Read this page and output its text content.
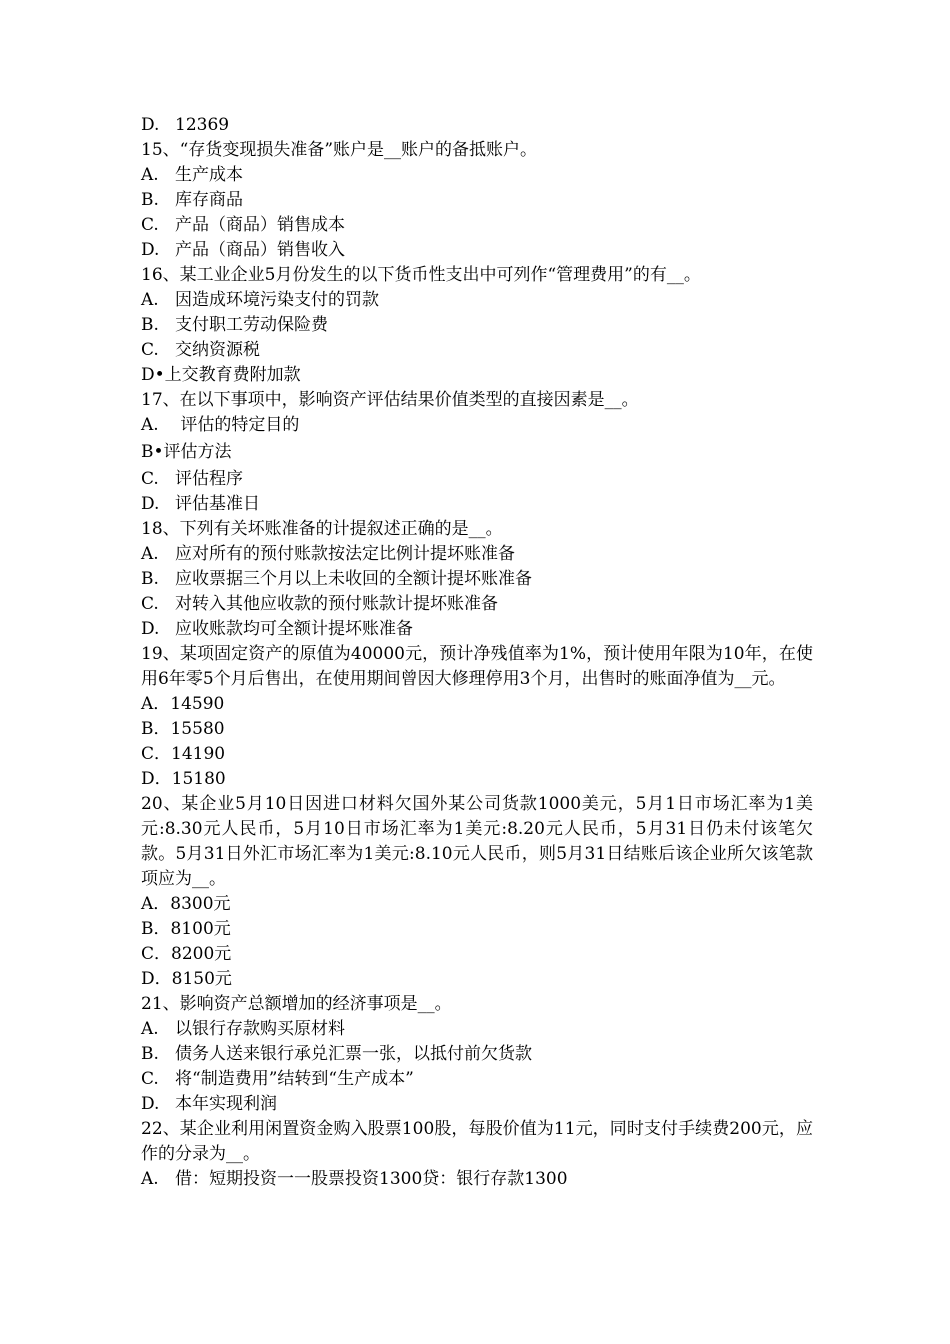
D. 12369
15、“存货变现损失准备”账户是__账户的备抵账户。
A. 生产成本
B. 库存商品
C. 产品（商品）销售成本
D. 产品（商品）销售收入
16、某工业企业5月份发生的以下货币性支出中可列作“管理费用”的有__。
A. 因造成环境污染支付的罚款
B. 支付职工劳动保险费
C. 交纳资源税
D•上交教育费附加款
17、在以下事项中，影响资产评估结果价值类型的直接因素是__。
A. 评估的特定目的
B•评估方法
C. 评估程序
D. 评估基准日
18、下列有关坏账准备的计提叙述正确的是__。
A. 应对所有的预付账款按法定比例计提坏账准备
B. 应收票据三个月以上未收回的全额计提坏账准备
C. 对转入其他应收款的预付账款计提坏账准备
D. 应收账款均可全额计提坏账准备
19、某项固定资产的原值为40000元，预计净残值率为1%，预计使用年限为10年，在使用6年零5个月后售出，在使用期间曾因大修理停用3个月，出售时的账面净值为__元。
A．14590
B．15580
C．14190
D．15180
20、某企业5月10日因进口材料欠国外某公司货款1000美元，5月1日市场汇率为1美元:8.30元人民币，5月10日市场汇率为1美元:8.20元人民币，5月31日仍未付该笔欠款。5月31日外汇市场汇率为1美元:8.10元人民币，则5月31日结账后该企业所欠该笔款项应为__。
A．8300元
B．8100元
C．8200元
D．8150元
21、影响资产总额增加的经济事项是__。
A. 以银行存款购买原材料
B. 债务人送来银行承兑汇票一张，以抵付前欠货款
C. 将“制造费用”结转到“生产成本”
D. 本年实现利润
22、某企业利用闲置资金购入股票100股，每股价值为11元，同时支付手续费200元，应作的分录为__。
A. 借：短期投资一一股票投资1300贷：银行存款1300
